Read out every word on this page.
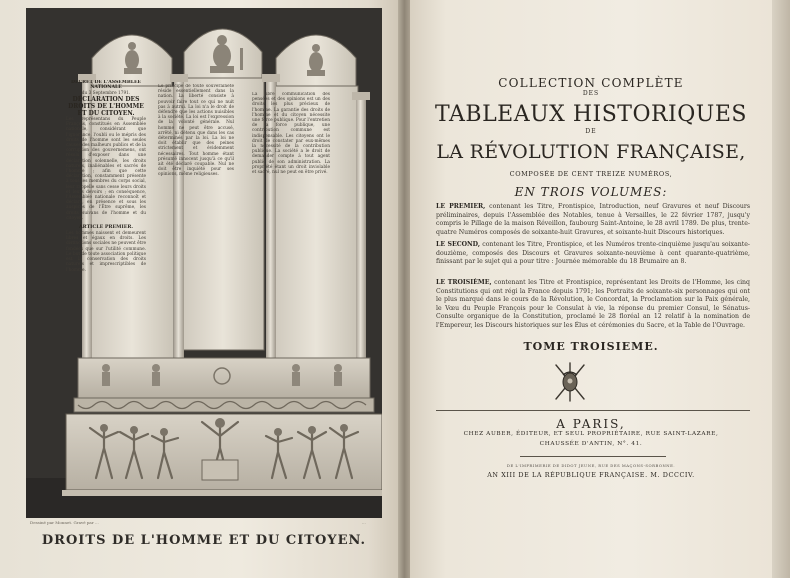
DÉCRET DE L'ASSEMBLÉE NATIONALE
du 3 Septembre 1791.
DÉCLARATION DES DROITS DE L'HOMME ET DU CITOYEN.
Les représentans du Peuple François, constitués en Assemblée nationale, considérant que l'ignorance, l'oubli ou le mépris des droits de l'homme sont les seules causes des malheurs publics et de la corruption des gouvernemens, ont résolu d'exposer dans une déclaration solennelle, les droits naturels, inaliénables et sacrés de l'homme ; afin que cette déclaration, constamment présente à tous les membres du corps social, leur rappelle sans cesse leurs droits et leurs devoirs ; en conséquence, l'Assemblée nationale reconnoît et déclare, en présence et sous les auspices de l'Être suprême, les droits suivans de l'homme et du citoyen.
ARTICLE PREMIER.
Les hommes naissent et demeurent libres et égaux en droits. Les distinctions sociales ne peuvent être fondées que sur l'utilité commune. Le but de toute association politique est la conservation des droits naturels et imprescriptibles de l'homme.
Le principe de toute souveraineté réside essentiellement dans la nation. La liberté consiste à pouvoir faire tout ce qui ne nuit pas à autrui. La loi n'a le droit de défendre que les actions nuisibles à la société. La loi est l'expression de la volonté générale. Nul homme ne peut être accusé, arrêté, ni détenu que dans les cas déterminés par la loi. La loi ne doit établir que des peines strictement et évidemment nécessaires. Tout homme étant présumé innocent jusqu'à ce qu'il ait été déclaré coupable. Nul ne doit être inquiété pour ses opinions, même religieuses.
La libre communication des pensées et des opinions est un des droits les plus précieux de l'homme. La garantie des droits de l'homme et du citoyen nécessite une force publique. Pour l'entretien de la force publique, une contribution commune est indispensable. Les citoyens ont le droit de constater par eux-mêmes la nécessité de la contribution publique. La société a le droit de demander compte à tout agent public de son administration. La propriété étant un droit inviolable et sacré, nul ne peut en être privé.
Dessiné par Monnet. Gravé par ...	...
DROITS DE L'HOMME ET DU CITOYEN.
COLLECTION COMPLÈTE
DES
TABLEAUX HISTORIQUES
DE
LA RÉVOLUTION FRANÇAISE,
COMPOSÉE DE CENT TREIZE NUMÉROS,
EN TROIS VOLUMES:
LE PREMIER, contenant les Titre, Frontispice, Introduction, neuf Gravures et neuf Discours préliminaires, depuis l'Assemblée des Notables, tenue à Versailles, le 22 février 1787, jusqu'y compris le Pillage de la maison Réveillon, faubourg Saint-Antoine, le 28 avril 1789. De plus, trente-quatre Numéros composés de soixante-huit Gravures, et soixante-huit Discours historiques.
LE SECOND, contenant les Titre, Frontispice, et les Numéros trente-cinquième jusqu'au soixante-douzième, composés des Discours et Gravures soixante-neuvième à cent quarante-quatrième, finissant par le sujet qui a pour titre : Journée mémorable du 18 Brumaire an 8.
LE TROISIÈME, contenant les Titre et Frontispice, représentant les Droits de l'Homme, les cinq Constitutions qui ont régi la France depuis 1791; les Portraits de soixante-six personnages qui ont le plus marqué dans le cours de la Révolution, le Concordat, la Proclamation sur la Paix générale, le Vœu du Peuple François pour le Consulat à vie, la réponse du premier Consul, le Sénatus-Consulte organique de la Constitution, proclamé le 28 floréal an 12 relatif à la nomination de l'Empereur, les Discours historiques sur les Élus et cérémonies du Sacre, et la Table de l'Ouvrage.
TOME TROISIEME.
A PARIS,
CHEZ AUBER, ÉDITEUR, ET SEUL PROPRIÉTAIRE, RUE SAINT-LAZARE,
CHAUSSÉE D'ANTIN, N°. 41.
DE L'IMPRIMERIE DE DIDOT JEUNE, RUE DES MAÇONS-SORBONNE.
AN XIII DE LA RÉPUBLIQUE FRANÇAISE. M. DCCCIV.
